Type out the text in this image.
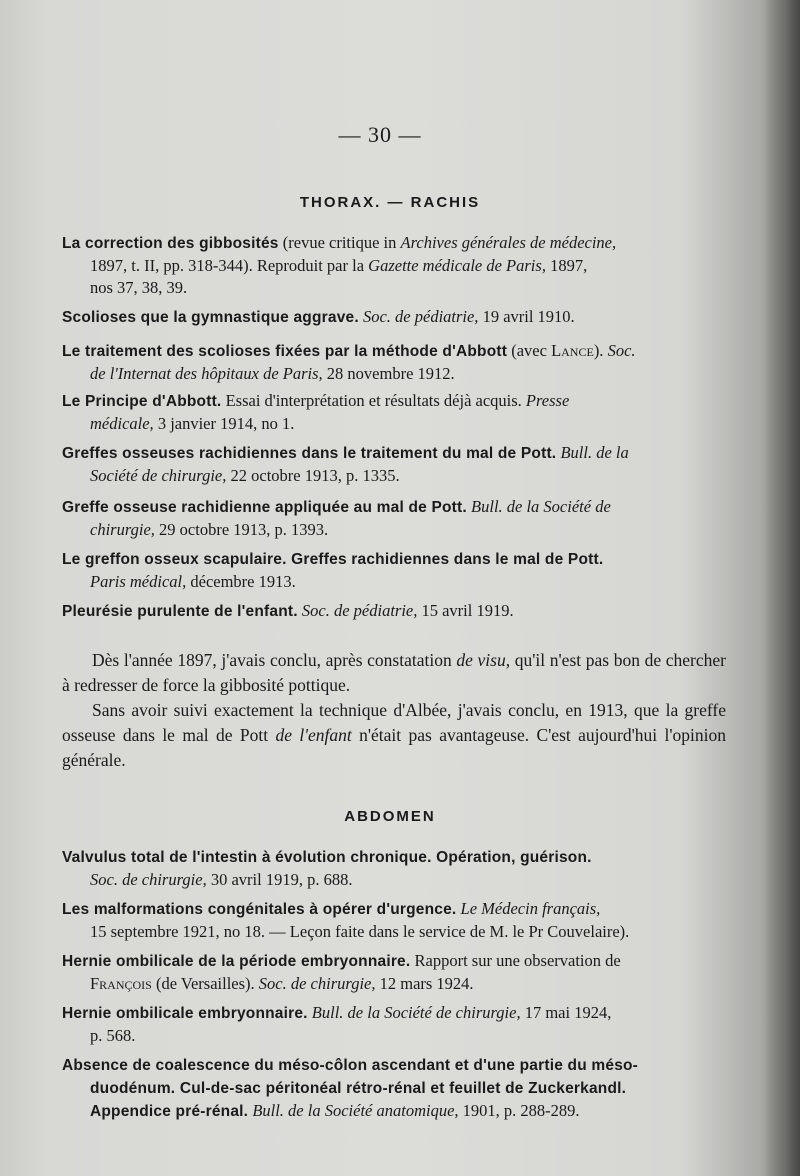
— 30 —
THORAX. — RACHIS
La correction des gibbosités (revue critique in Archives générales de médecine,
1897, t. II, pp. 318-344). Reproduit par la Gazette médicale de Paris, 1897,
nos 37, 38, 39.
Scolioses que la gymnastique aggrave. Soc. de pédiatrie, 19 avril 1910.
Le traitement des scolioses fixées par la méthode d'Abbott (avec Lance). Soc.
de l'Internat des hôpitaux de Paris, 28 novembre 1912.
Le Principe d'Abbott. Essai d'interprétation et résultats déjà acquis. Presse
médicale, 3 janvier 1914, no 1.
Greffes osseuses rachidiennes dans le traitement du mal de Pott. Bull. de la
Société de chirurgie, 22 octobre 1913, p. 1335.
Greffe osseuse rachidienne appliquée au mal de Pott. Bull. de la Société de
chirurgie, 29 octobre 1913, p. 1393.
Le greffon osseux scapulaire. Greffes rachidiennes dans le mal de Pott.
Paris médical, décembre 1913.
Pleurésie purulente de l'enfant. Soc. de pédiatrie, 15 avril 1919.
Dès l'année 1897, j'avais conclu, après constatation de visu, qu'il n'est pas bon de chercher à redresser de force la gibbosité pottique.
Sans avoir suivi exactement la technique d'Albée, j'avais conclu, en 1913, que la greffe osseuse dans le mal de Pott de l'enfant n'était pas avantageuse. C'est aujourd'hui l'opinion générale.
ABDOMEN
Valvulus total de l'intestin à évolution chronique. Opération, guérison.
Soc. de chirurgie, 30 avril 1919, p. 688.
Les malformations congénitales à opérer d'urgence. Le Médecin français,
15 septembre 1921, no 18. — Leçon faite dans le service de M. le Pr Couvelaire).
Hernie ombilicale de la période embryonnaire. Rapport sur une observation de
François (de Versailles). Soc. de chirurgie, 12 mars 1924.
Hernie ombilicale embryonnaire. Bull. de la Société de chirurgie, 17 mai 1924,
p. 568.
Absence de coalescence du méso-côlon ascendant et d'une partie du méso-
duodénum. Cul-de-sac péritonéal rétro-rénal et feuillet de Zuckerkandl.
Appendice pré-rénal. Bull. de la Société anatomique, 1901, p. 288-289.
